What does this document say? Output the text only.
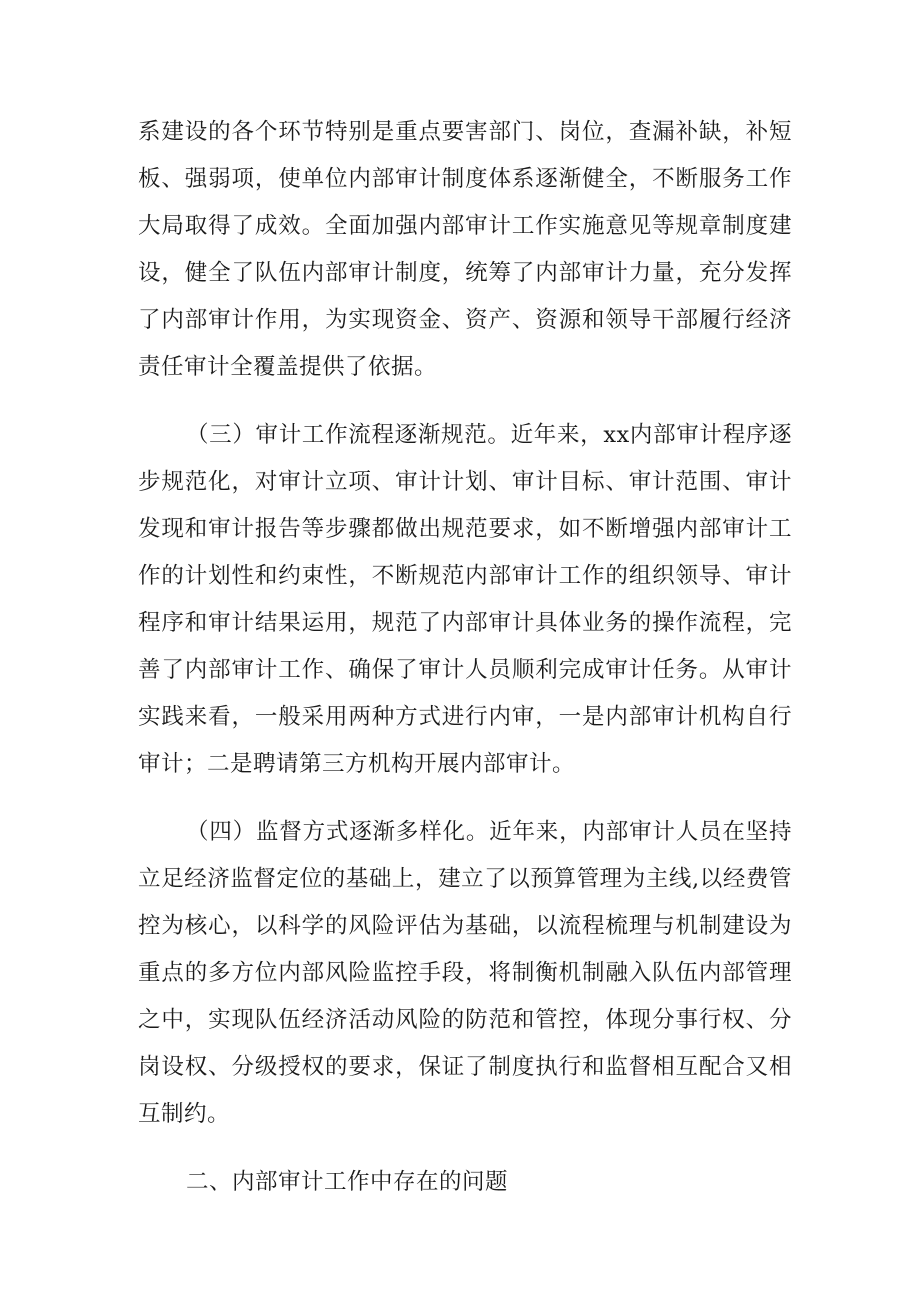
系建设的各个环节特别是重点要害部门、岗位，查漏补缺，补短
板、强弱项，使单位内部审计制度体系逐渐健全，不断服务工作
大局取得了成效。全面加强内部审计工作实施意见等规章制度建
设，健全了队伍内部审计制度，统筹了内部审计力量，充分发挥
了内部审计作用，为实现资金、资产、资源和领导干部履行经济
责任审计全覆盖提供了依据。
（三）审计工作流程逐渐规范。近年来，xx内部审计程序逐
步规范化，对审计立项、审计计划、审计目标、审计范围、审计
发现和审计报告等步骤都做出规范要求，如不断增强内部审计工
作的计划性和约束性，不断规范内部审计工作的组织领导、审计
程序和审计结果运用，规范了内部审计具体业务的操作流程，完
善了内部审计工作、确保了审计人员顺利完成审计任务。从审计
实践来看，一般采用两种方式进行内审，一是内部审计机构自行
审计；二是聘请第三方机构开展内部审计。
（四）监督方式逐渐多样化。近年来，内部审计人员在坚持
立足经济监督定位的基础上，建立了以预算管理为主线,以经费管
控为核心，以科学的风险评估为基础，以流程梳理与机制建设为
重点的多方位内部风险监控手段，将制衡机制融入队伍内部管理
之中，实现队伍经济活动风险的防范和管控，体现分事行权、分
岗设权、分级授权的要求，保证了制度执行和监督相互配合又相
互制约。
二、内部审计工作中存在的问题
